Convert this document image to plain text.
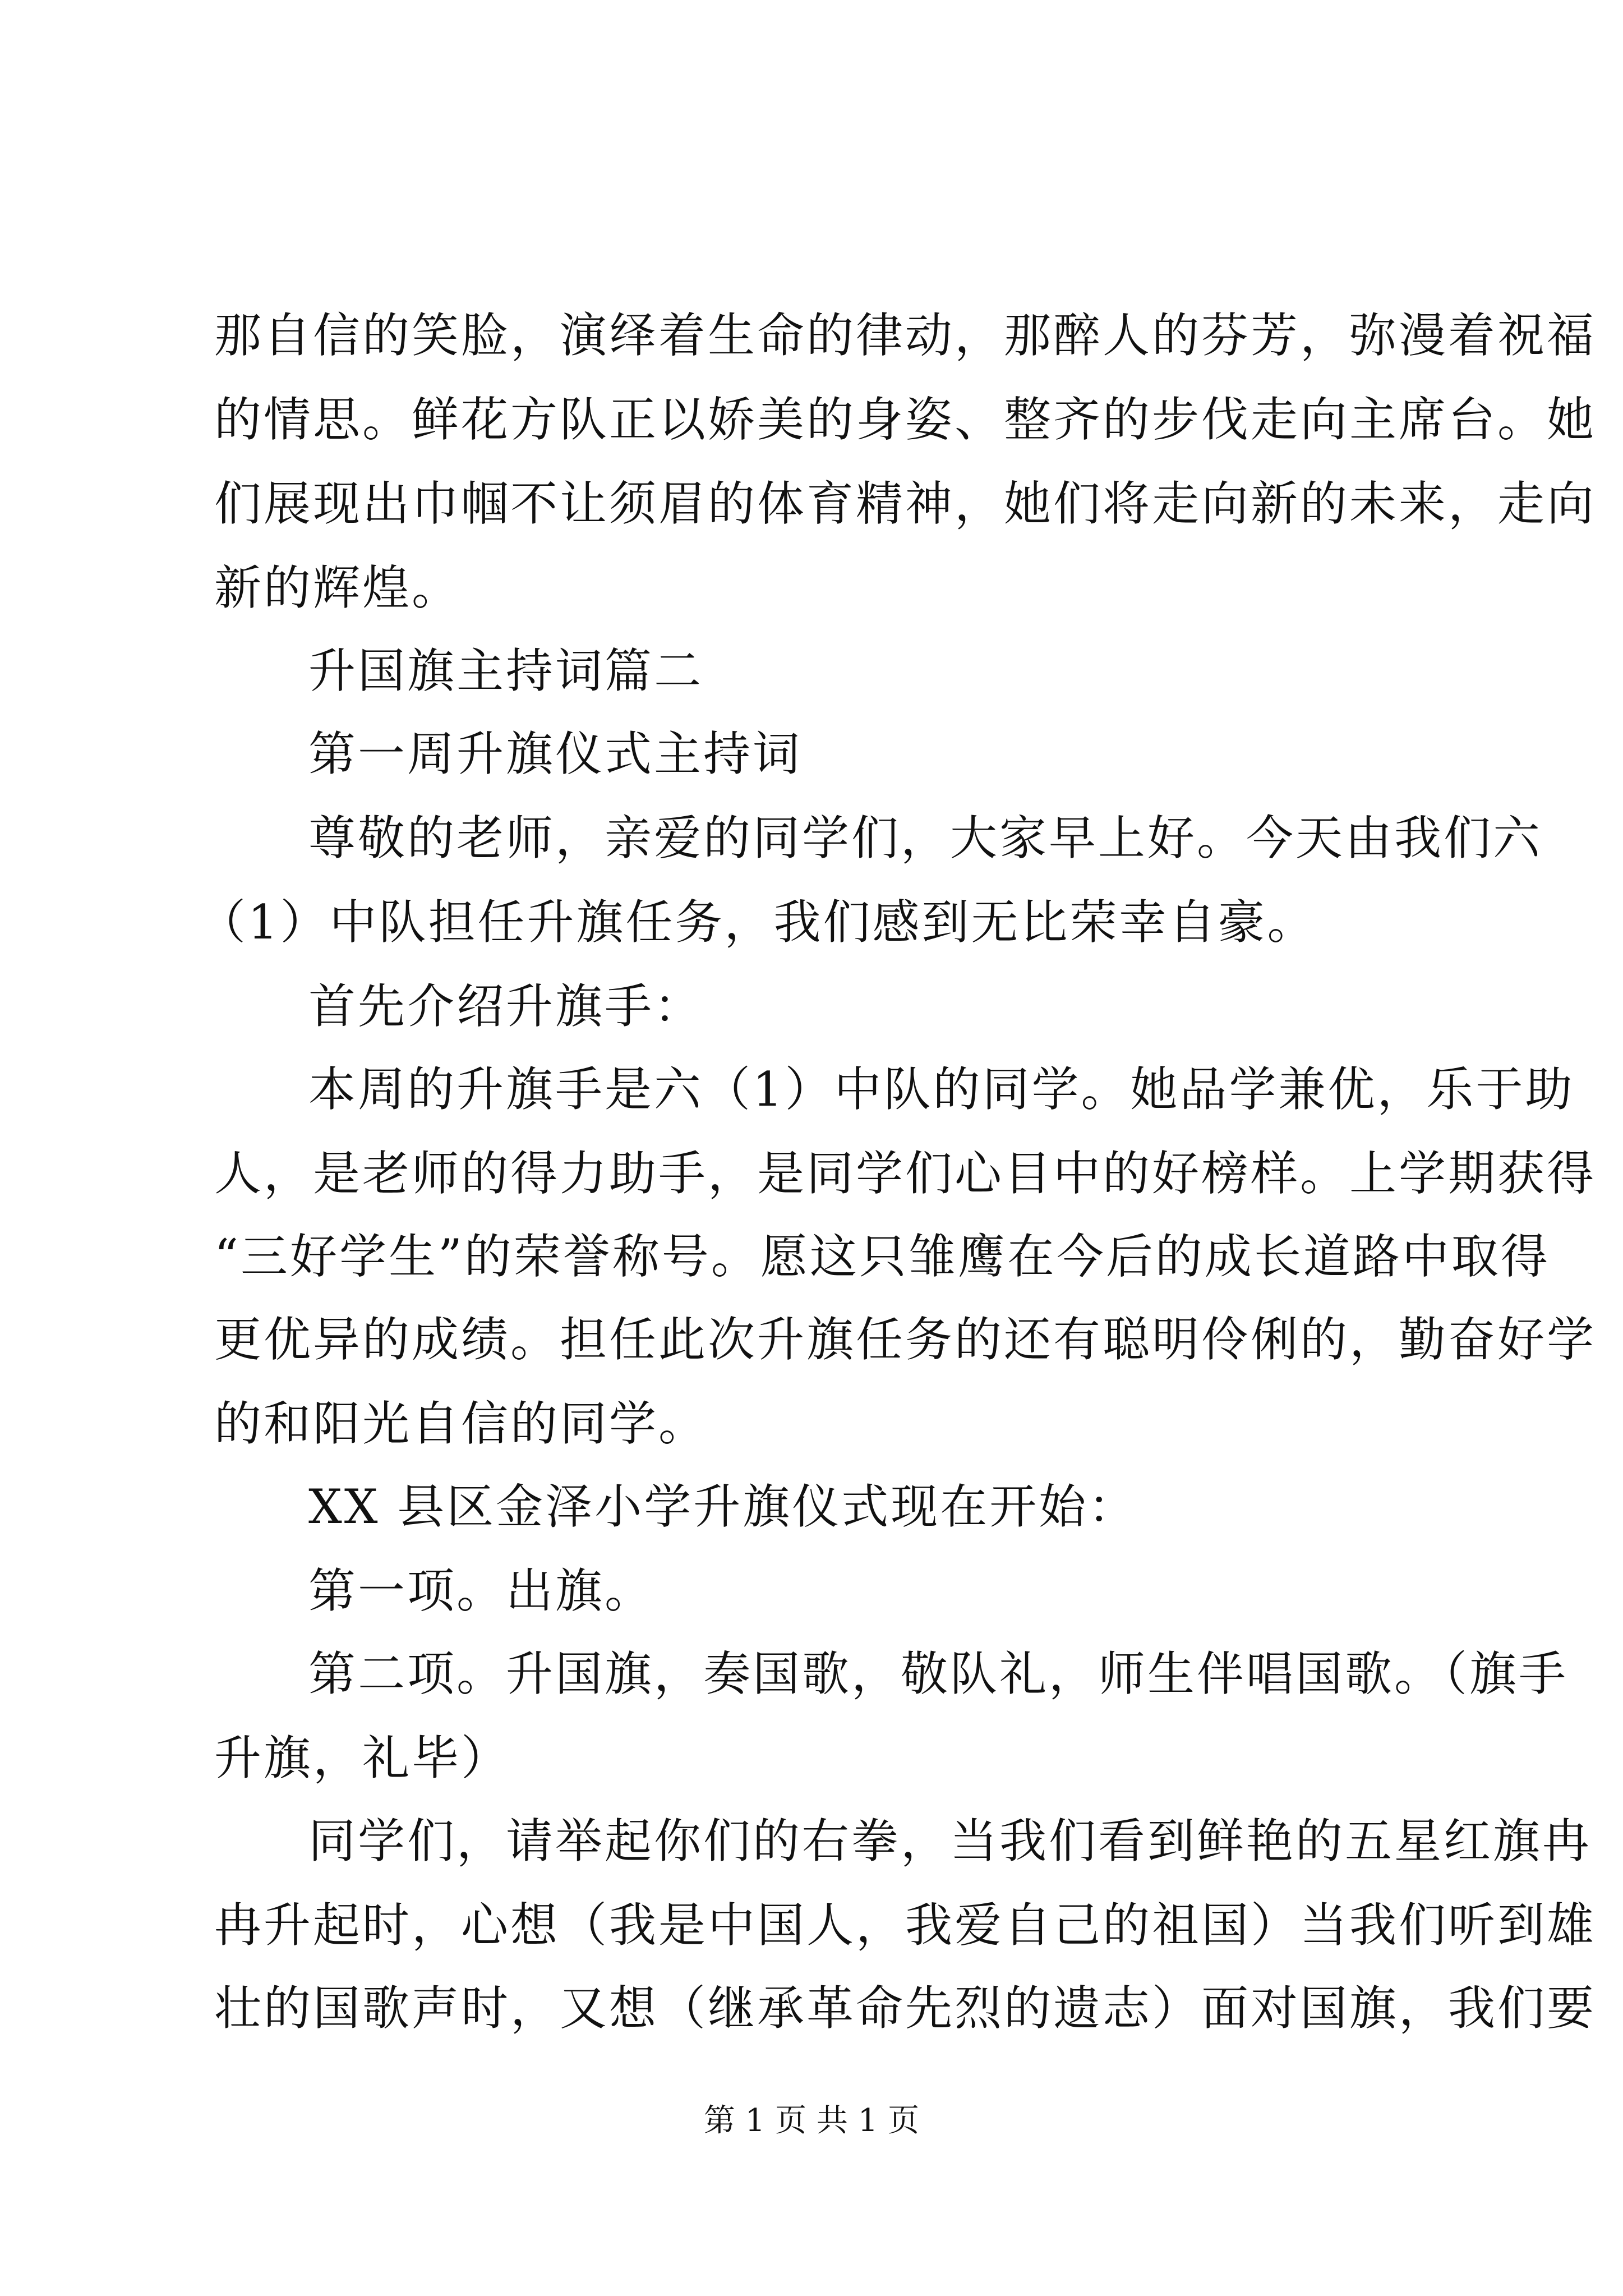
那自信的笑脸，演绎着生命的律动，那醉人的芬芳，弥漫着祝福
的情思。鲜花方队正以娇美的身姿、整齐的步伐走向主席台。她
们展现出巾帼不让须眉的体育精神，她们将走向新的未来，走向
新的辉煌。
升国旗主持词篇二
第一周升旗仪式主持词
尊敬的老师，亲爱的同学们，大家早上好。今天由我们六
（1）中队担任升旗任务，我们感到无比荣幸自豪。
首先介绍升旗手：
本周的升旗手是六（1）中队的同学。她品学兼优，乐于助
人，是老师的得力助手，是同学们心目中的好榜样。上学期获得
“三好学生”的荣誉称号。愿这只雏鹰在今后的成长道路中取得
更优异的成绩。担任此次升旗任务的还有聪明伶俐的，勤奋好学
的和阳光自信的同学。
XX 县区金泽小学升旗仪式现在开始：
第一项。出旗。
第二项。升国旗，奏国歌，敬队礼，师生伴唱国歌。（旗手
升旗，礼毕）
同学们，请举起你们的右拳，当我们看到鲜艳的五星红旗冉
冉升起时，心想（我是中国人，我爱自己的祖国）当我们听到雄
壮的国歌声时，又想（继承革命先烈的遗志）面对国旗，我们要
第 1 页 共 1 页
